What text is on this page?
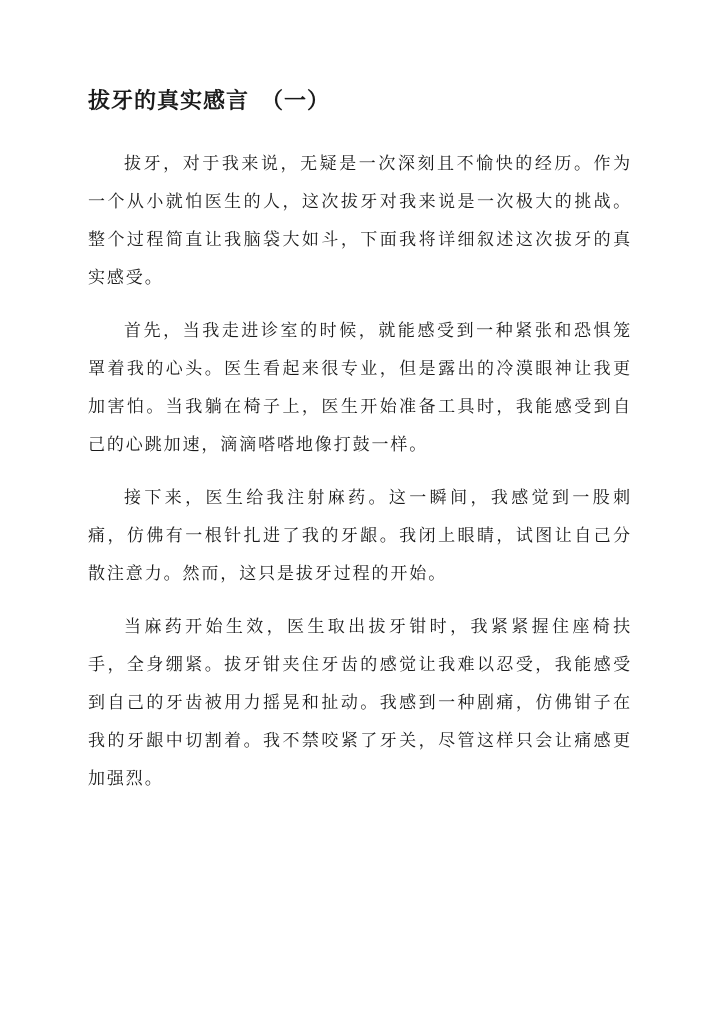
拔牙的真实感言　（一）

拔牙，对于我来说，无疑是一次深刻且不愉快的经历。作为一个从小就怕医生的人，这次拔牙对我来说是一次极大的挑战。整个过程简直让我脑袋大如斗，下面我将详细叙述这次拔牙的真实感受。

首先，当我走进诊室的时候，就能感受到一种紧张和恐惧笼罩着我的心头。医生看起来很专业，但是露出的冷漠眼神让我更加害怕。当我躺在椅子上，医生开始准备工具时，我能感受到自己的心跳加速，滴滴嗒嗒地像打鼓一样。

接下来，医生给我注射麻药。这一瞬间，我感觉到一股刺痛，仿佛有一根针扎进了我的牙龈。我闭上眼睛，试图让自己分散注意力。然而，这只是拔牙过程的开始。

当麻药开始生效，医生取出拔牙钳时，我紧紧握住座椅扶手，全身绷紧。拔牙钳夹住牙齿的感觉让我难以忍受，我能感受到自己的牙齿被用力摇晃和扯动。我感到一种剧痛，仿佛钳子在我的牙龈中切割着。我不禁咬紧了牙关，尽管这样只会让痛感更加强烈。
